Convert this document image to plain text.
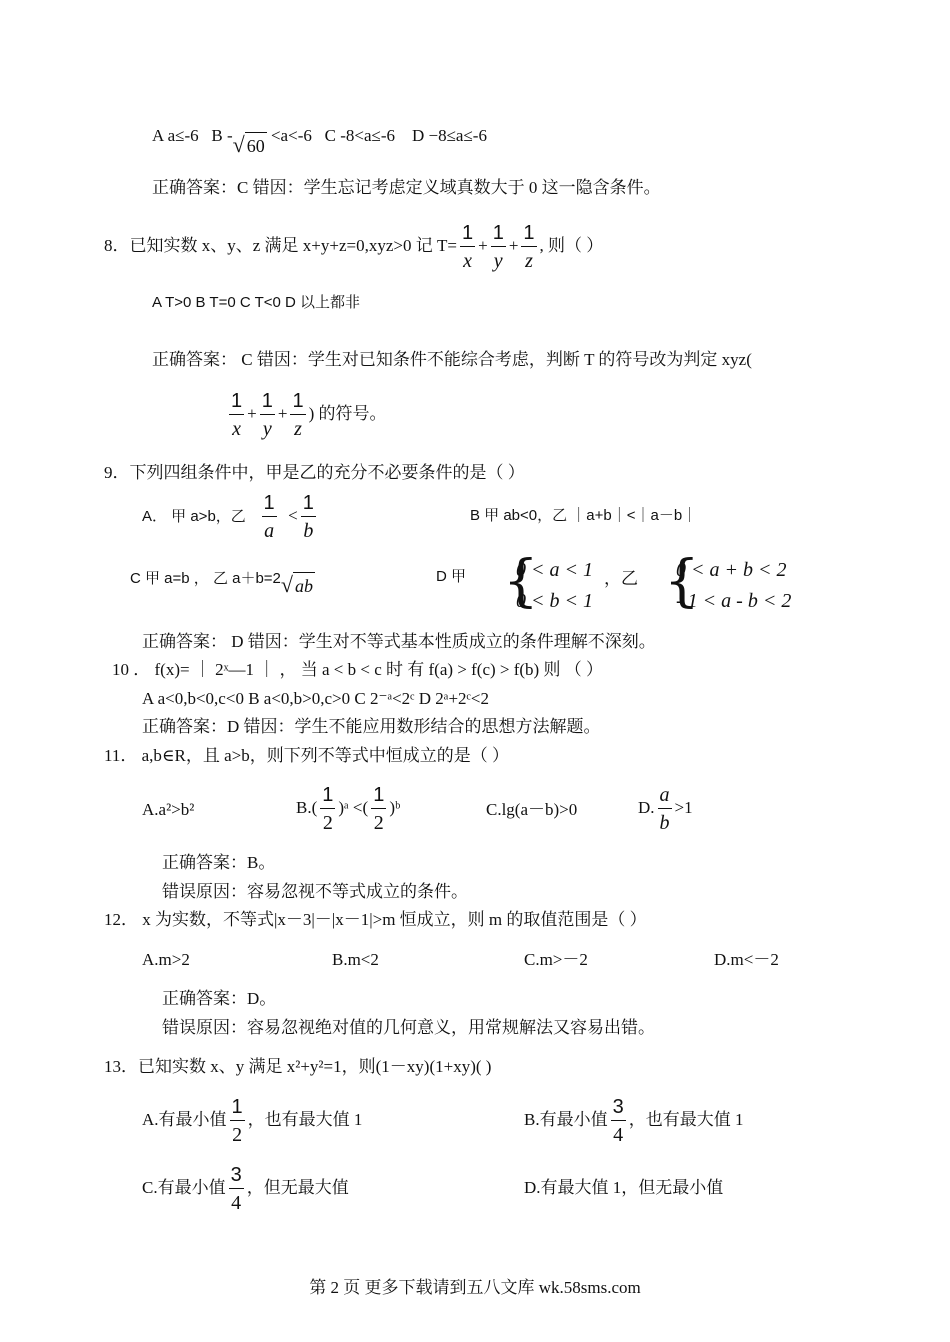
A a≤-6 B - √ 60
<a<-6 C -8<a≤-6 D −8≤a≤-6
正确答案：C 错因：学生忘记考虑定义域真数大于 0 这一隐含条件。
8．已知实数 x、y、z 满足 x+y+z=0,xyz>0 记 $T= \frac{1}{x} + \frac{1}{y} + \frac{1}{z}$ , 则（ ）
A T>0 B T=0 C T<0 D 以上都非
正确答案： C 错因：学生对已知条件不能综合考虑，判断 T 的符号改为判定 xyz(
$\frac{1}{x} + \frac{1}{y} + \frac{1}{z}$ ) 的符号。
9．下列四组条件中，甲是乙的充分不必要条件的是（ ）
A． 甲 a>b，乙 $\frac{1}{a} < \frac{1}{b}$	B 甲 ab<0，乙 ｜a+b｜<｜a－b｜
C 甲 a=b ， 乙 a＋b=2 √ ab	D 甲 {
0 < a < 1
0 < b < 1
，乙 {
0 < a + b < 2
- 1 < a - b < 2
正确答案： D 错因：学生对不等式基本性质成立的条件理解不深刻。
10 ． f(x)= ｜ 2ˣ—1 ｜ ， 当 a < b < c 时 有 f(a) > f(c) > f(b) 则 （ ）
A a<0,b<0,c<0 B a<0,b>0,c>0 C 2⁻ᵃ<2ᶜ D 2ᵃ+2ᶜ<2
正确答案：D 错因：学生不能应用数形结合的思想方法解题。
11． a,b∈R，且 a>b，则下列不等式中恒成立的是（ ）
A.a²>b²	$B.( \frac{1}{2}$ )ᵃ <( $\frac{1}{2}$ )ᵇ	C.lg(a－b)>0	D. $\frac{a}{b} >1$
正确答案：B。
错误原因：容易忽视不等式成立的条件。
12． x 为实数，不等式|x－3|－|x－1|>m 恒成立，则 m 的取值范围是（ ）
A.m>2	B.m<2	C.m>－2	D.m<－2
正确答案：D。
错误原因：容易忽视绝对值的几何意义，用常规解法又容易出错。
13．已知实数 x、y 满足 x²+y²=1，则(1－xy)(1+xy)( )
A.有最小值 $\frac{1}{2}$ ，也有最大值 1	B.有最小值 $\frac{3}{4}$ ，也有最大值 1
C.有最小值 $\frac{3}{4}$ ，但无最大值	D.有最大值 1，但无最小值
第 2 页 更多下载请到五八文库 wk.58sms.com
